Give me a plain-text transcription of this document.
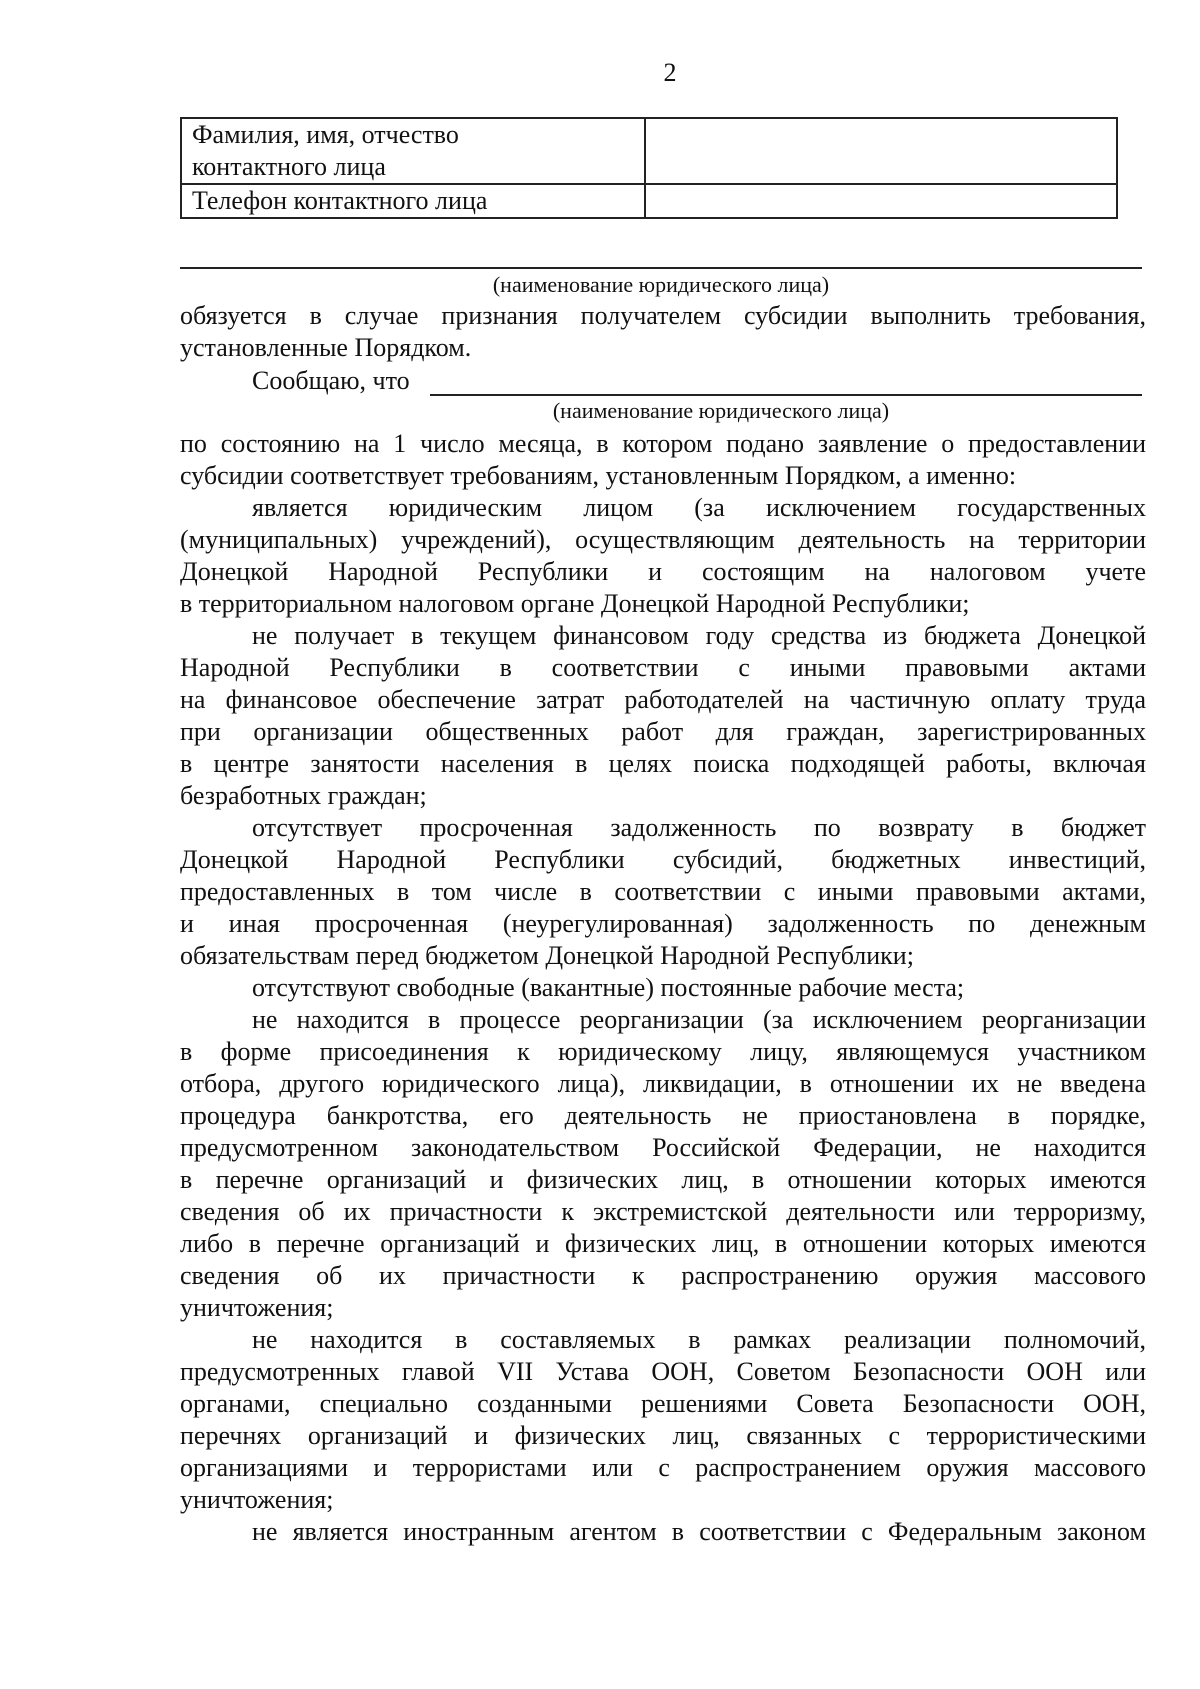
2
Фамилия, имя, отчество
контактного лица	

Телефон контактного лица	

(наименование юридического лица)
обязуется в случае признания получателем субсидии выполнить требования,
установленные Порядком.
Сообщаю, что
(наименование юридического лица)
по состоянию на 1 число месяца, в котором подано заявление о предоставлении
субсидии соответствует требованиям, установленным Порядком, а именно:
является юридическим лицом (за исключением государственных
(муниципальных) учреждений), осуществляющим деятельность на территории
Донецкой Народной Республики и состоящим на налоговом учете
в территориальном налоговом органе Донецкой Народной Республики;
не получает в текущем финансовом году средства из бюджета Донецкой
Народной Республики в соответствии с иными правовыми актами
на финансовое обеспечение затрат работодателей на частичную оплату труда
при организации общественных работ для граждан, зарегистрированных
в центре занятости населения в целях поиска подходящей работы, включая
безработных граждан;
отсутствует просроченная задолженность по возврату в бюджет
Донецкой Народной Республики субсидий, бюджетных инвестиций,
предоставленных в том числе в соответствии с иными правовыми актами,
и иная просроченная (неурегулированная) задолженность по денежным
обязательствам перед бюджетом Донецкой Народной Республики;
отсутствуют свободные (вакантные) постоянные рабочие места;
не находится в процессе реорганизации (за исключением реорганизации
в форме присоединения к юридическому лицу, являющемуся участником
отбора, другого юридического лица), ликвидации, в отношении их не введена
процедура банкротства, его деятельность не приостановлена в порядке,
предусмотренном законодательством Российской Федерации, не находится
в перечне организаций и физических лиц, в отношении которых имеются
сведения об их причастности к экстремистской деятельности или терроризму,
либо в перечне организаций и физических лиц, в отношении которых имеются
сведения об их причастности к распространению оружия массового
уничтожения;
не находится в составляемых в рамках реализации полномочий,
предусмотренных главой VII Устава ООН, Советом Безопасности ООН или
органами, специально созданными решениями Совета Безопасности ООН,
перечнях организаций и физических лиц, связанных с террористическими
организациями и террористами или с распространением оружия массового
уничтожения;
не является иностранным агентом в соответствии с Федеральным законом
